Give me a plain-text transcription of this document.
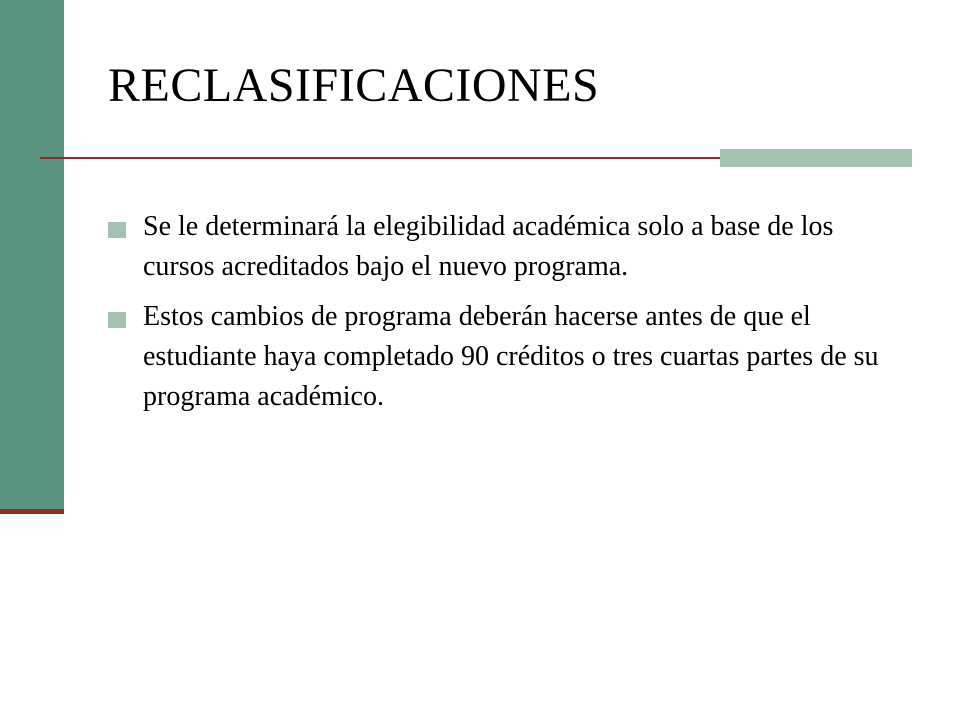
RECLASIFICACIONES
Se le determinará la elegibilidad académica solo a base de los cursos acreditados bajo el nuevo programa.
Estos cambios de programa deberán hacerse antes de que el estudiante haya completado 90 créditos o tres cuartas partes de su programa académico.
